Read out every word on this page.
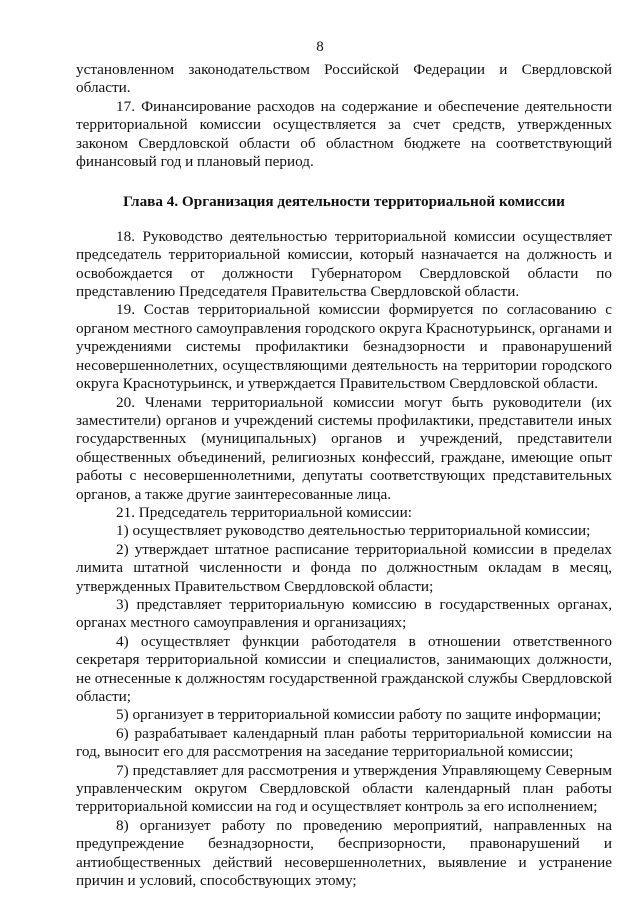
8

установленном законодательством Российской Федерации и Свердловской области.

17. Финансирование расходов на содержание и обеспечение деятельности территориальной комиссии осуществляется за счет средств, утвержденных законом Свердловской области об областном бюджете на соответствующий финансовый год и плановый период.

Глава 4. Организация деятельности территориальной комиссии

18. Руководство деятельностью территориальной комиссии осуществляет председатель территориальной комиссии, который назначается на должность и освобождается от должности Губернатором Свердловской области по представлению Председателя Правительства Свердловской области.

19. Состав территориальной комиссии формируется по согласованию с органом местного самоуправления городского округа Краснотурьинск, органами и учреждениями системы профилактики безнадзорности и правонарушений несовершеннолетних, осуществляющими деятельность на территории городского округа Краснотурьинск, и утверждается Правительством Свердловской области.

20. Членами территориальной комиссии могут быть руководители (их заместители) органов и учреждений системы профилактики, представители иных государственных (муниципальных) органов и учреждений, представители общественных объединений, религиозных конфессий, граждане, имеющие опыт работы с несовершеннолетними, депутаты соответствующих представительных органов, а также другие заинтересованные лица.

21. Председатель территориальной комиссии:

1) осуществляет руководство деятельностью территориальной комиссии;

2) утверждает штатное расписание территориальной комиссии в пределах лимита штатной численности и фонда по должностным окладам в месяц, утвержденных Правительством Свердловской области;

3) представляет территориальную комиссию в государственных органах, органах местного самоуправления и организациях;

4) осуществляет функции работодателя в отношении ответственного секретаря территориальной комиссии и специалистов, занимающих должности, не отнесенные к должностям государственной гражданской службы Свердловской области;

5) организует в территориальной комиссии работу по защите информации;

6) разрабатывает календарный план работы территориальной комиссии на год, выносит его для рассмотрения на заседание территориальной комиссии;

7) представляет для рассмотрения и утверждения Управляющему Северным управленческим округом Свердловской области календарный план работы территориальной комиссии на год и осуществляет контроль за его исполнением;

8) организует работу по проведению мероприятий, направленных на предупреждение безнадзорности, беспризорности, правонарушений и антиобщественных действий несовершеннолетних, выявление и устранение причин и условий, способствующих этому;
